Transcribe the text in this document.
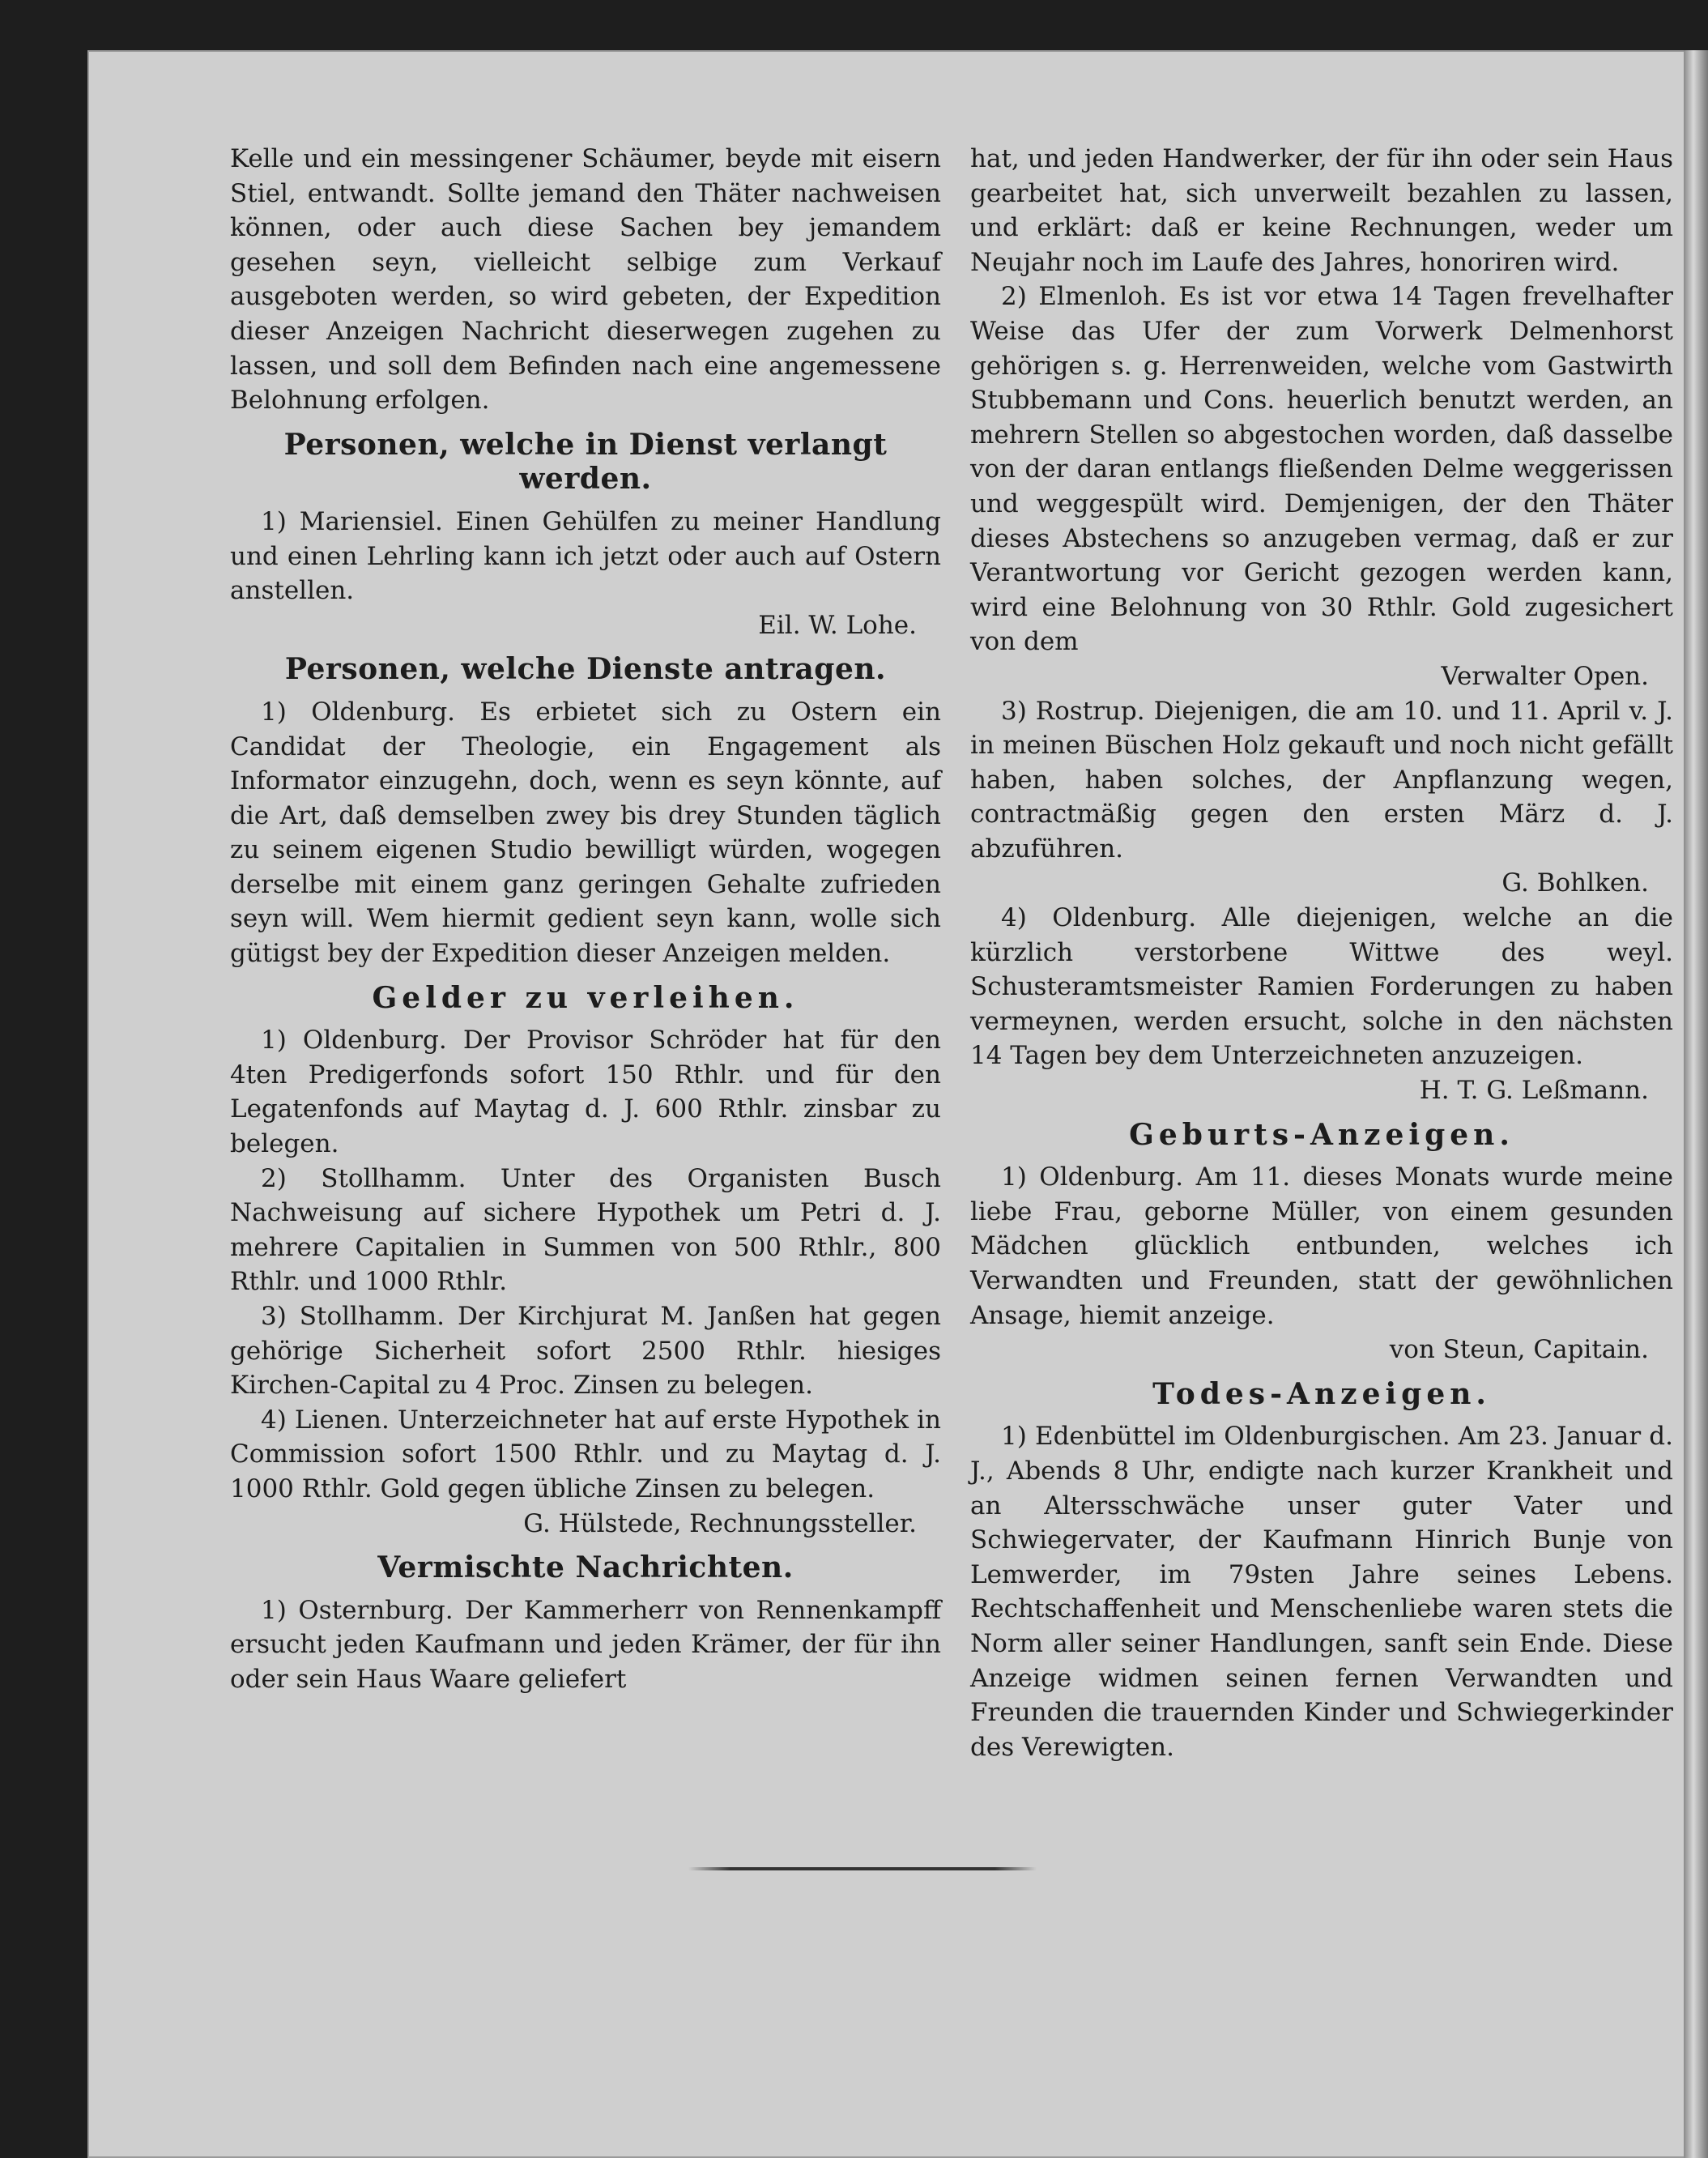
Kelle und ein messingener Schäumer, beyde mit eisern Stiel, entwandt. Sollte jemand den Thäter nachweisen können, oder auch diese Sachen bey jemandem gesehen seyn, vielleicht selbige zum Verkauf ausgeboten werden, so wird gebeten, der Expedition dieser Anzeigen Nachricht dieserwegen zugehen zu lassen, und soll dem Befinden nach eine angemessene Belohnung erfolgen.

Personen, welche in Dienst verlangt werden.

1) Mariensiel. Einen Gehülfen zu meiner Handlung und einen Lehrling kann ich jetzt oder auch auf Ostern anstellen.

Eil. W. Lohe.

Personen, welche Dienste antragen.

1) Oldenburg. Es erbietet sich zu Ostern ein Candidat der Theologie, ein Engagement als Informator einzugehn, doch, wenn es seyn könnte, auf die Art, daß demselben zwey bis drey Stunden täglich zu seinem eigenen Studio bewilligt würden, wogegen derselbe mit einem ganz geringen Gehalte zufrieden seyn will. Wem hiermit gedient seyn kann, wolle sich gütigst bey der Expedition dieser Anzeigen melden.

Gelder zu verleihen.

1) Oldenburg. Der Provisor Schröder hat für den 4ten Predigerfonds sofort 150 Rthlr. und für den Legatenfonds auf Maytag d. J. 600 Rthlr. zinsbar zu belegen.

2) Stollhamm. Unter des Organisten Busch Nachweisung auf sichere Hypothek um Petri d. J. mehrere Capitalien in Summen von 500 Rthlr., 800 Rthlr. und 1000 Rthlr.

3) Stollhamm. Der Kirchjurat M. Janßen hat gegen gehörige Sicherheit sofort 2500 Rthlr. hiesiges Kirchen-Capital zu 4 Proc. Zinsen zu belegen.

4) Lienen. Unterzeichneter hat auf erste Hypothek in Commission sofort 1500 Rthlr. und zu Maytag d. J. 1000 Rthlr. Gold gegen übliche Zinsen zu belegen.

G. Hülstede, Rechnungssteller.

Vermischte Nachrichten.

1) Osternburg. Der Kammerherr von Rennenkampff ersucht jeden Kaufmann und jeden Krämer, der für ihn oder sein Haus Waare geliefert

hat, und jeden Handwerker, der für ihn oder sein Haus gearbeitet hat, sich unverweilt bezahlen zu lassen, und erklärt: daß er keine Rechnungen, weder um Neujahr noch im Laufe des Jahres, honoriren wird.

2) Elmenloh. Es ist vor etwa 14 Tagen frevelhafter Weise das Ufer der zum Vorwerk Delmenhorst gehörigen s. g. Herrenweiden, welche vom Gastwirth Stubbemann und Cons. heuerlich benutzt werden, an mehrern Stellen so abgestochen worden, daß dasselbe von der daran entlangs fließenden Delme weggerissen und weggespült wird. Demjenigen, der den Thäter dieses Abstechens so anzugeben vermag, daß er zur Verantwortung vor Gericht gezogen werden kann, wird eine Belohnung von 30 Rthlr. Gold zugesichert von dem

Verwalter Open.

3) Rostrup. Diejenigen, die am 10. und 11. April v. J. in meinen Büschen Holz gekauft und noch nicht gefällt haben, haben solches, der Anpflanzung wegen, contractmäßig gegen den ersten März d. J. abzuführen.

G. Bohlken.

4) Oldenburg. Alle diejenigen, welche an die kürzlich verstorbene Wittwe des weyl. Schusteramtsmeister Ramien Forderungen zu haben vermeynen, werden ersucht, solche in den nächsten 14 Tagen bey dem Unterzeichneten anzuzeigen.

H. T. G. Leßmann.

Geburts-Anzeigen.

1) Oldenburg. Am 11. dieses Monats wurde meine liebe Frau, geborne Müller, von einem gesunden Mädchen glücklich entbunden, welches ich Verwandten und Freunden, statt der gewöhnlichen Ansage, hiemit anzeige.

von Steun, Capitain.

Todes-Anzeigen.

1) Edenbüttel im Oldenburgischen. Am 23. Januar d. J., Abends 8 Uhr, endigte nach kurzer Krankheit und an Altersschwäche unser guter Vater und Schwiegervater, der Kaufmann Hinrich Bunje von Lemwerder, im 79sten Jahre seines Lebens. Rechtschaffenheit und Menschenliebe waren stets die Norm aller seiner Handlungen, sanft sein Ende. Diese Anzeige widmen seinen fernen Verwandten und Freunden die trauernden Kinder und Schwiegerkinder des Verewigten.
